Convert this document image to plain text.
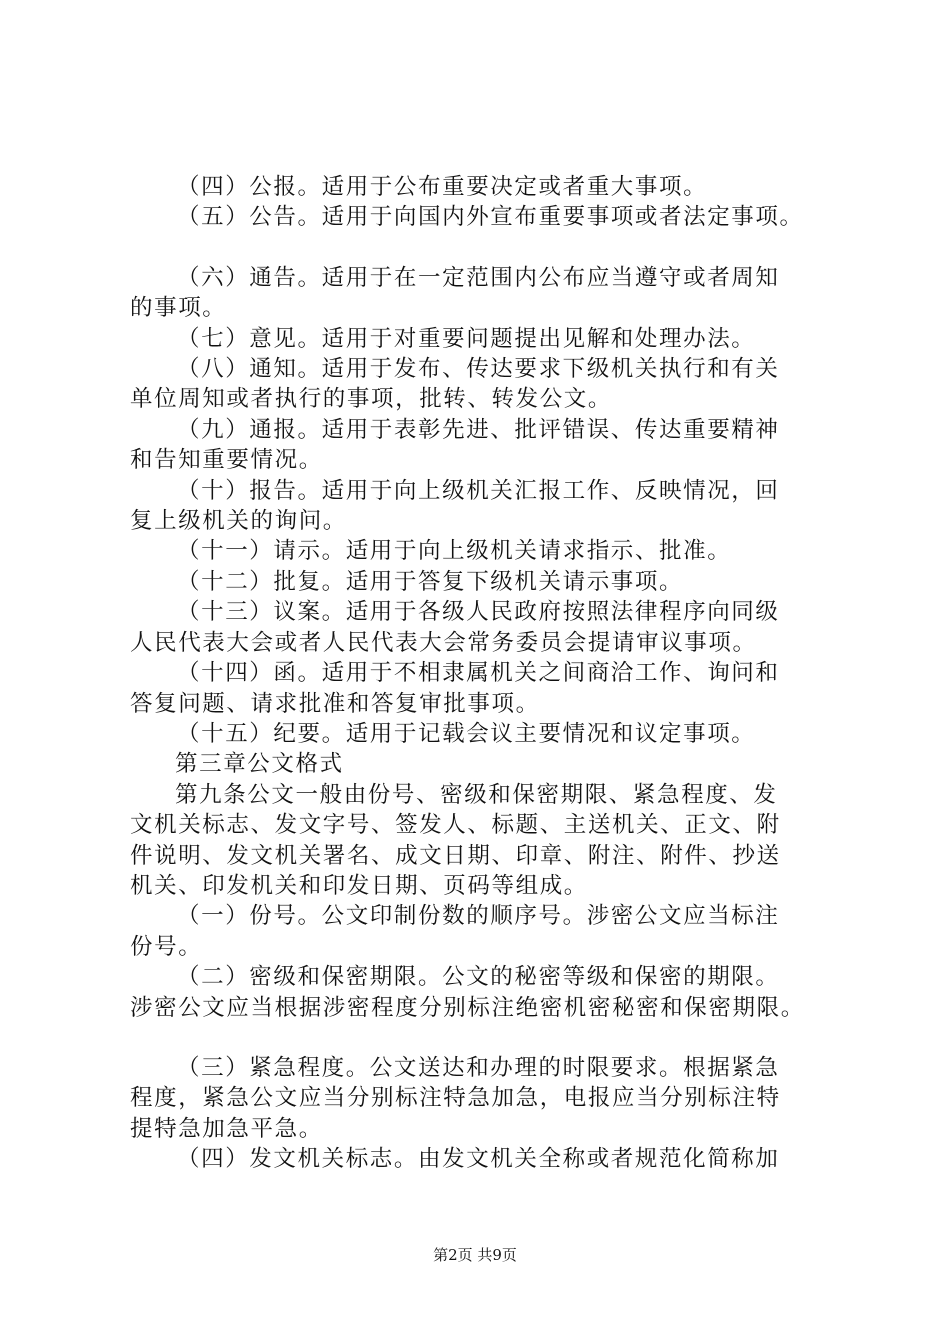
（四）公报。适用于公布重要决定或者重大事项。

（五）公告。适用于向国内外宣布重要事项或者法定事项。

（六）通告。适用于在一定范围内公布应当遵守或者周知

的事项。

（七）意见。适用于对重要问题提出见解和处理办法。

（八）通知。适用于发布、传达要求下级机关执行和有关

单位周知或者执行的事项，批转、转发公文。

（九）通报。适用于表彰先进、批评错误、传达重要精神

和告知重要情况。

（十）报告。适用于向上级机关汇报工作、反映情况，回

复上级机关的询问。

（十一）请示。适用于向上级机关请求指示、批准。

（十二）批复。适用于答复下级机关请示事项。

（十三）议案。适用于各级人民政府按照法律程序向同级

人民代表大会或者人民代表大会常务委员会提请审议事项。

（十四）函。适用于不相隶属机关之间商洽工作、询问和

答复问题、请求批准和答复审批事项。

（十五）纪要。适用于记载会议主要情况和议定事项。

第三章公文格式

第九条公文一般由份号、密级和保密期限、紧急程度、发

文机关标志、发文字号、签发人、标题、主送机关、正文、附

件说明、发文机关署名、成文日期、印章、附注、附件、抄送

机关、印发机关和印发日期、页码等组成。

（一）份号。公文印制份数的顺序号。涉密公文应当标注

份号。

（二）密级和保密期限。公文的秘密等级和保密的期限。

涉密公文应当根据涉密程度分别标注绝密机密秘密和保密期限。

（三）紧急程度。公文送达和办理的时限要求。根据紧急

程度，紧急公文应当分别标注特急加急，电报应当分别标注特

提特急加急平急。

（四）发文机关标志。由发文机关全称或者规范化简称加

第2页 共9页
